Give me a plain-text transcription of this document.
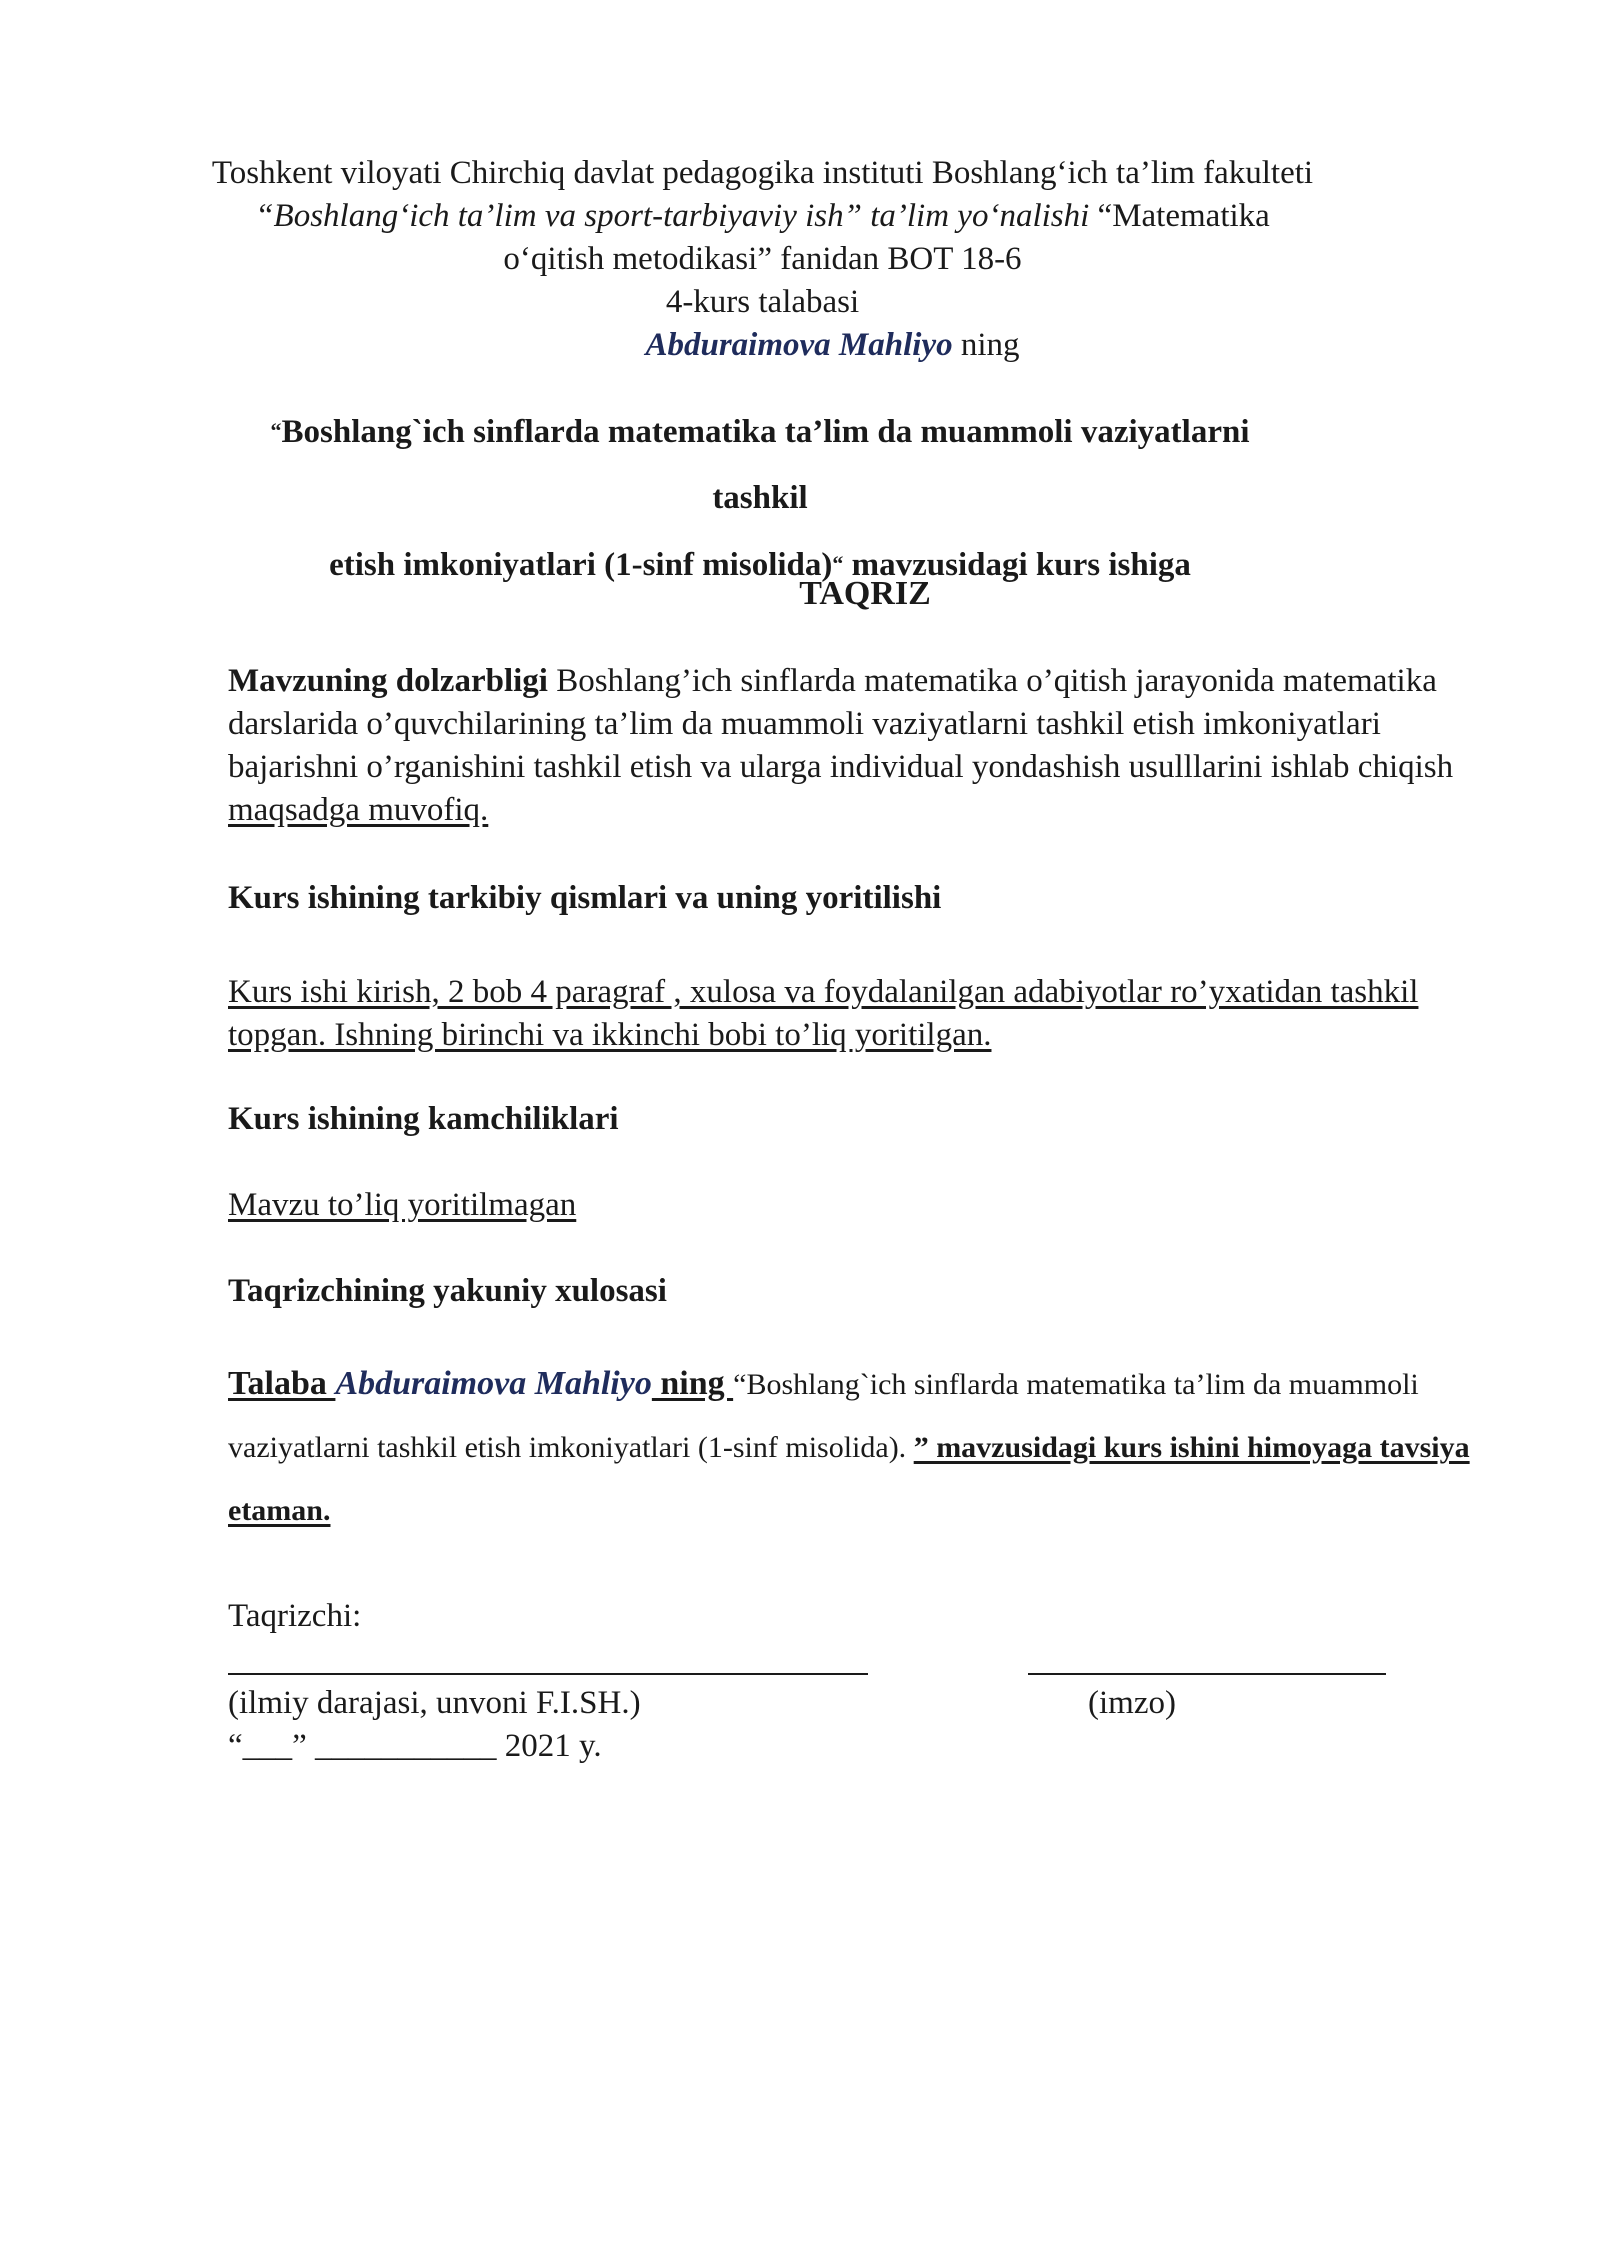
Toshkent viloyati Chirchiq davlat pedagogika instituti Boshlang‘ich ta’lim fakulteti
“Boshlang‘ich ta’lim va sport-tarbiyaviy ish” ta’lim yo‘nalishi “Matematika
o‘qitish metodikasi” fanidan BOT 18-6
4-kurs talabasi
Abduraimova Mahliyo ning
“Boshlang`ich sinflarda matematika ta’lim da muammoli vaziyatlarni tashkil
etish imkoniyatlari (1-sinf misolida)“ mavzusidagi kurs ishiga
TAQRIZ
Mavzuning dolzarbligi Boshlang’ich sinflarda matematika o’qitish jarayonida matematika darslarida o’quvchilarining ta’lim da muammoli vaziyatlarni tashkil etish imkoniyatlari bajarishni o’rganishini tashkil etish va ularga individual yondashish usulllarini ishlab chiqish maqsadga muvofiq.
Kurs ishining tarkibiy qismlari va uning yoritilishi
Kurs ishi kirish, 2 bob 4 paragraf , xulosa va foydalanilgan adabiyotlar ro’yxatidan tashkil topgan. Ishning birinchi va ikkinchi bobi to’liq yoritilgan.
Kurs ishining kamchiliklari
Mavzu to’liq yoritilmagan
Taqrizchining yakuniy xulosasi
Talaba Abduraimova Mahliyo ning “Boshlang`ich sinflarda matematika ta’lim da muammoli vaziyatlarni tashkil etish imkoniyatlari (1-sinf misolida). ” mavzusidagi kurs ishini himoyaga tavsiya etaman.
Taqrizchi:
(ilmiy darajasi, unvoni F.I.SH.)	(imzo)
“___” ___________ 2021 y.
